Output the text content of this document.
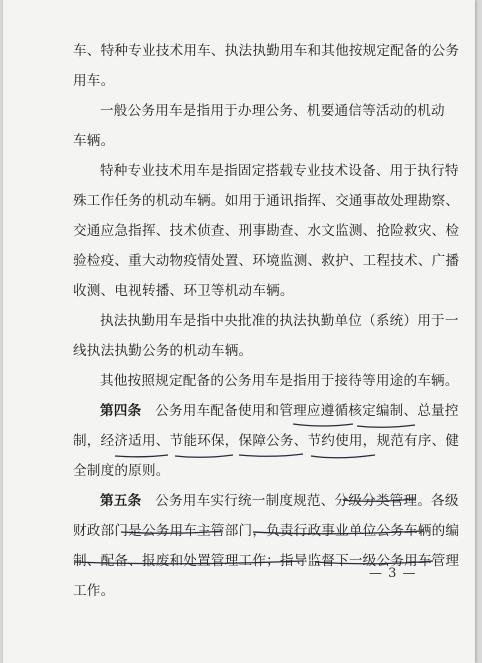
车、特种专业技术用车、执法执勤用车和其他按规定配备的公务
用车。

一般公务用车是指用于办理公务、机要通信等活动的机动
车辆。

特种专业技术用车是指固定搭载专业技术设备、用于执行特
殊工作任务的机动车辆。如用于通讯指挥、交通事故处理勘察、
交通应急指挥、技术侦查、刑事勘查、水文监测、抢险救灾、检
验检疫、重大动物疫情处置、环境监测、救护、工程技术、广播
收测、电视转播、环卫等机动车辆。

执法执勤用车是指中央批准的执法执勤单位（系统）用于一
线执法执勤公务的机动车辆。

其他按照规定配备的公务用车是指用于接待等用途的车辆。

第四条　 公务用车配备使用和管理应遵循核定编制、总量控
制，经济适用、节能环保，保障公务、节约使用，规范有序、健
全制度的原则。

第五条　 公务用车实行统一制度规范、分级分类管理。各级
财政部门是公务用车主管部门，负责行政事业单位公务车辆的编
制、配备、报废和处置管理工作；指导监督下一级公务用车管理
工作。

— 3 —
